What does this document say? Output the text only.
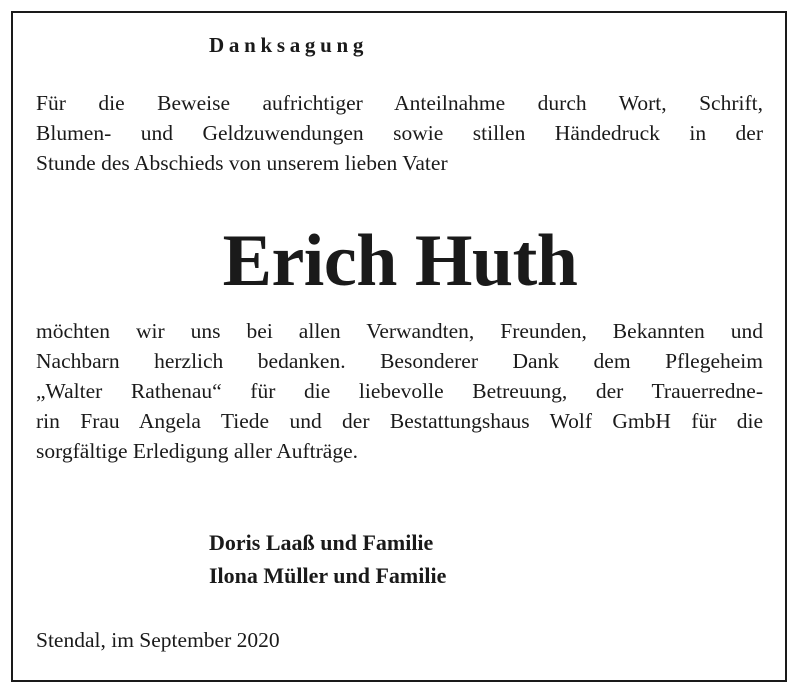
Danksagung
Für die Beweise aufrichtiger Anteilnahme durch Wort, Schrift,
Blumen- und Geldzuwendungen sowie stillen Händedruck in der
Stunde des Abschieds von unserem lieben Vater
Erich Huth
möchten wir uns bei allen Verwandten, Freunden, Bekannten und
Nachbarn herzlich bedanken. Besonderer Dank dem Pflegeheim
„Walter Rathenau“ für die liebevolle Betreuung, der Trauerredne-
rin Frau Angela Tiede und der Bestattungshaus Wolf GmbH für die
sorgfältige Erledigung aller Aufträge.
Doris Laaß und Familie
Ilona Müller und Familie
Stendal, im September 2020
